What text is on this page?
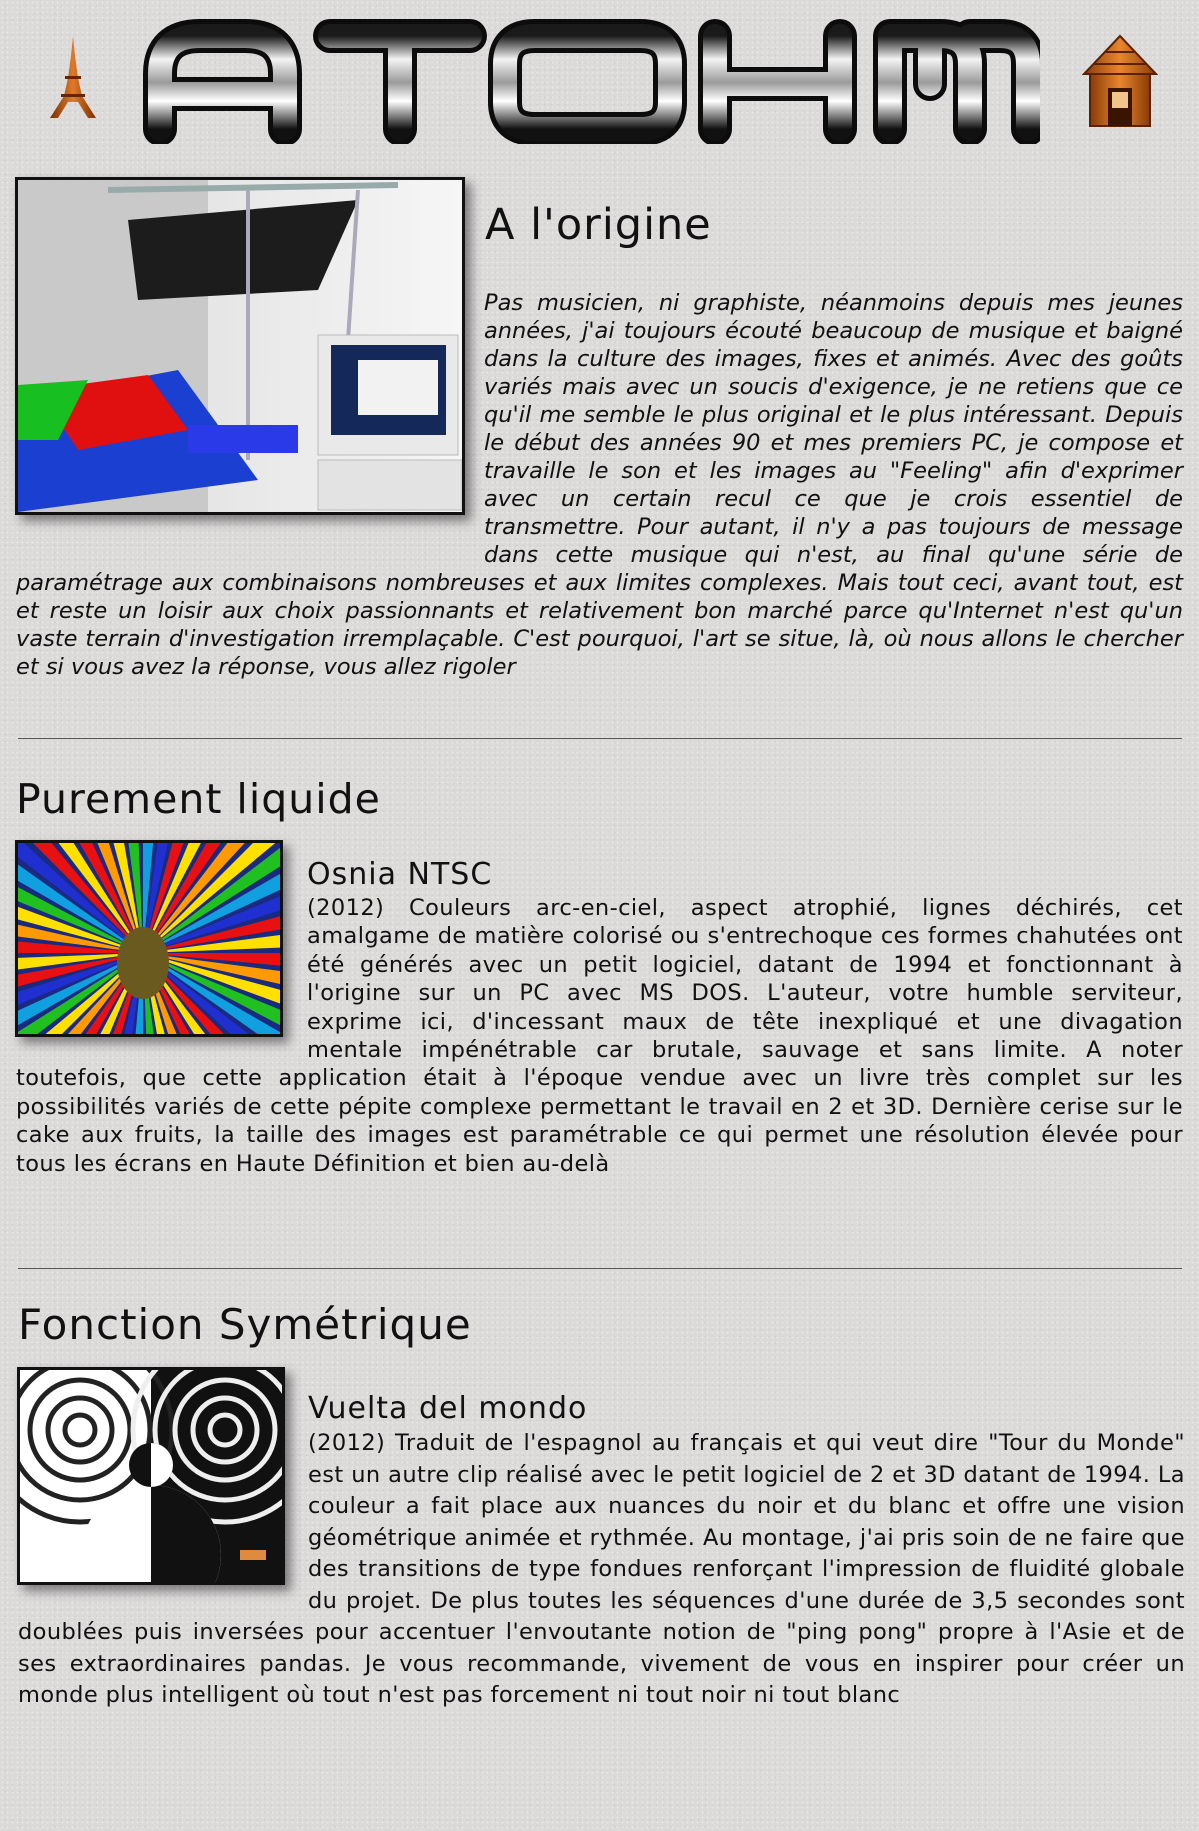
A l'origine

Pas musicien, ni graphiste, néanmoins depuis mes jeunes années, j'ai toujours écouté beaucoup de musique et baigné dans la culture des images, fixes et animés. Avec des goûts variés mais avec un soucis d'exigence, je ne retiens que ce qu'il me semble le plus original et le plus intéressant. Depuis le début des années 90 et mes premiers PC, je compose et travaille le son et les images au "Feeling" afin d'exprimer avec un certain recul ce que je crois essentiel de transmettre. Pour autant, il n'y a pas toujours de message dans cette musique qui n'est, au final qu'une série de paramétrage aux combinaisons nombreuses et aux limites complexes. Mais tout ceci, avant tout, est et reste un loisir aux choix passionnants et relativement bon marché parce qu'Internet n'est qu'un vaste terrain d'investigation irremplaçable. C'est pourquoi, l'art se situe, là, où nous allons le chercher et si vous avez la réponse, vous allez rigoler

Purement liquide

Osnia NTSC

(2012) Couleurs arc-en-ciel, aspect atrophié, lignes déchirés, cet amalgame de matière colorisé ou s'entrechoque ces formes chahutées ont été générés avec un petit logiciel, datant de 1994 et fonctionnant à l'origine sur un PC avec MS DOS. L'auteur, votre humble serviteur, exprime ici, d'incessant maux de tête inexpliqué et une divagation mentale impénétrable car brutale, sauvage et sans limite. A noter toutefois, que cette application était à l'époque vendue avec un livre très complet sur les possibilités variés de cette pépite complexe permettant le travail en 2 et 3D. Dernière cerise sur le cake aux fruits, la taille des images est paramétrable ce qui permet une résolution élevée pour tous les écrans en Haute Définition et bien au-delà

Fonction Symétrique

Vuelta del mondo

(2012) Traduit de l'espagnol au français et qui veut dire "Tour du Monde" est un autre clip réalisé avec le petit logiciel de 2 et 3D datant de 1994. La couleur a fait place aux nuances du noir et du blanc et offre une vision géométrique animée et rythmée. Au montage, j'ai pris soin de ne faire que des transitions de type fondues renforçant l'impression de fluidité globale du projet. De plus toutes les séquences d'une durée de 3,5 secondes sont doublées puis inversées pour accentuer l'envoutante notion de "ping pong" propre à l'Asie et de ses extraordinaires pandas. Je vous recommande, vivement de vous en inspirer pour créer un monde plus intelligent où tout n'est pas forcement ni tout noir ni tout blanc
